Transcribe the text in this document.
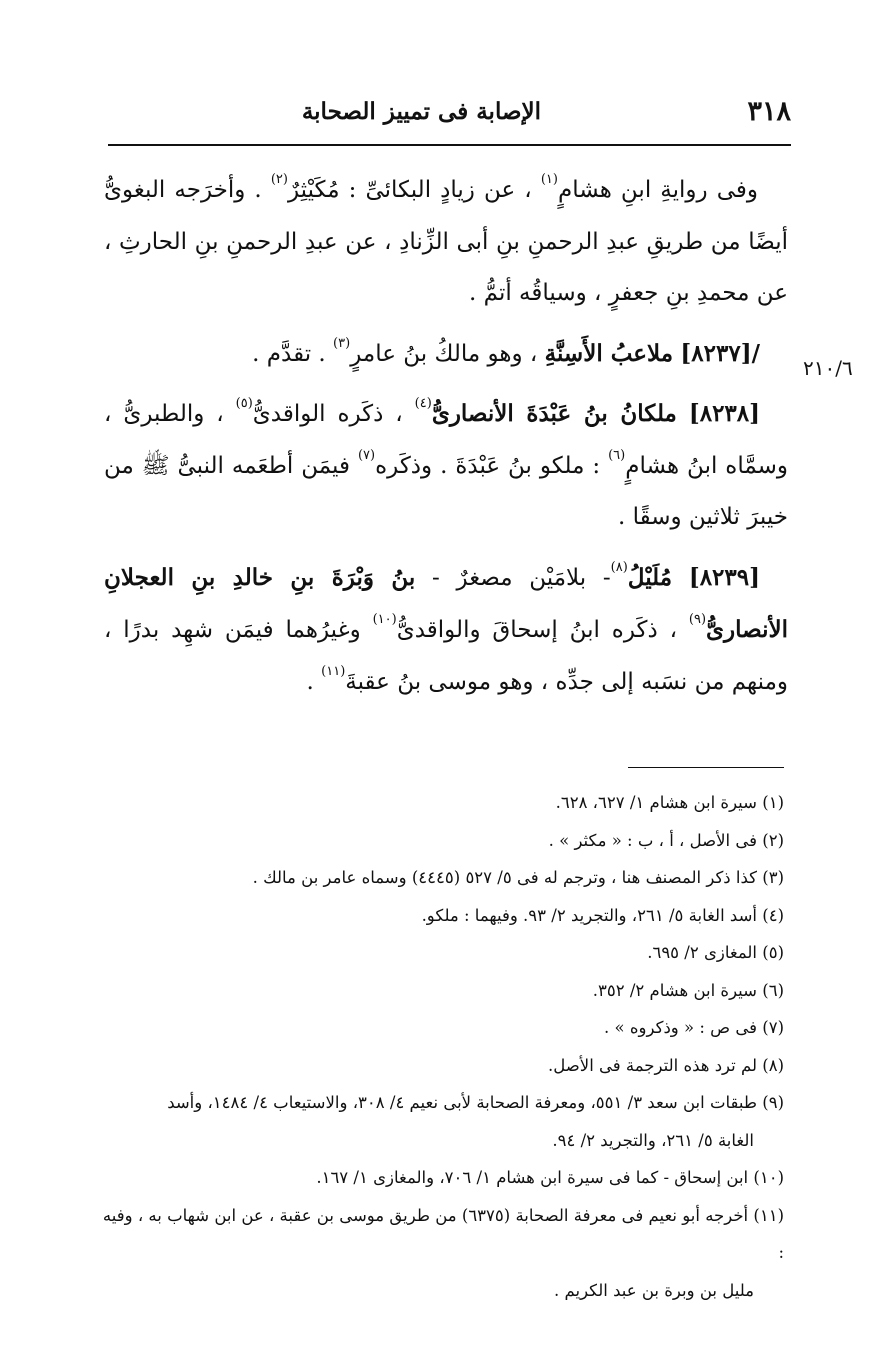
٣١٨
الإصابة فى تمييز الصحابة
٢١٠/٦

وفى روايةِ ابنِ هشامٍ$^{(١)}$ ، عن زيادٍ البكائىِّ : مُكَيْثِرٌ$^{(٢)}$ . وأخرَجه البغوىُّ أيضًا من طريقِ عبدِ الرحمنِ بنِ أبى الزِّنادِ ، عن عبدِ الرحمنِ بنِ الحارثِ ، عن محمدِ بنِ جعفرٍ ، وسياقُه أتمُّ .

/[٨٢٣٧] ملاعبُ الأَسِنَّةِ ، وهو مالكُ بنُ عامرٍ$^{(٣)}$ . تقدَّم .

[٨٢٣٨] ملكانُ بنُ عَبْدَةَ الأنصارىُّ$^{(٤)}$ ، ذكَره الواقدىُّ$^{(٥)}$ ، والطبرىُّ ، وسمَّاه ابنُ هشامٍ$^{(٦)}$ : ملكو بنُ عَبْدَةَ . وذكَره$^{(٧)}$ فيمَن أطعَمه النبىُّ ﷺ من خيبرَ ثلاثين وسقًا .

[٨٢٣٩] مُلَيْلُ$^{(٨)}$- بلامَيْن مصغرٌ - بنُ وَبْرَةَ بنِ خالدِ بنِ العجلانِ الأنصارىُّ$^{(٩)}$ ، ذكَره ابنُ إسحاقَ والواقدىُّ$^{(١٠)}$ وغيرُهما فيمَن شهِد بدرًا ، ومنهم من نسَبه إلى جدِّه ، وهو موسى بنُ عقبةَ$^{(١١)}$ .

(١) سيرة ابن هشام ١/ ٦٢٧، ٦٢٨.

(٢) فى الأصل ، أ ، ب : « مكثر » .

(٣) كذا ذكر المصنف هنا ، وترجم له فى ٥/ ٥٢٧ (٤٤٤٥) وسماه عامر بن مالك .

(٤) أسد الغابة ٥/ ٢٦١، والتجريد ٢/ ٩٣. وفيهما : ملكو.

(٥) المغازى ٢/ ٦٩٥.

(٦) سيرة ابن هشام ٢/ ٣٥٢.

(٧) فى ص : « وذكروه » .

(٨) لم ترد هذه الترجمة فى الأصل.

(٩) طبقات ابن سعد ٣/ ٥٥١، ومعرفة الصحابة لأبى نعيم ٤/ ٣٠٨، والاستيعاب ٤/ ١٤٨٤، وأسد
الغابة ٥/ ٢٦١، والتجريد ٢/ ٩٤.

(١٠) ابن إسحاق - كما فى سيرة ابن هشام ١/ ٧٠٦، والمغازى ١/ ١٦٧.

(١١) أخرجه أبو نعيم فى معرفة الصحابة (٦٣٧٥) من طريق موسى بن عقبة ، عن ابن شهاب به ، وفيه :
مليل بن وبرة بن عبد الكريم .
